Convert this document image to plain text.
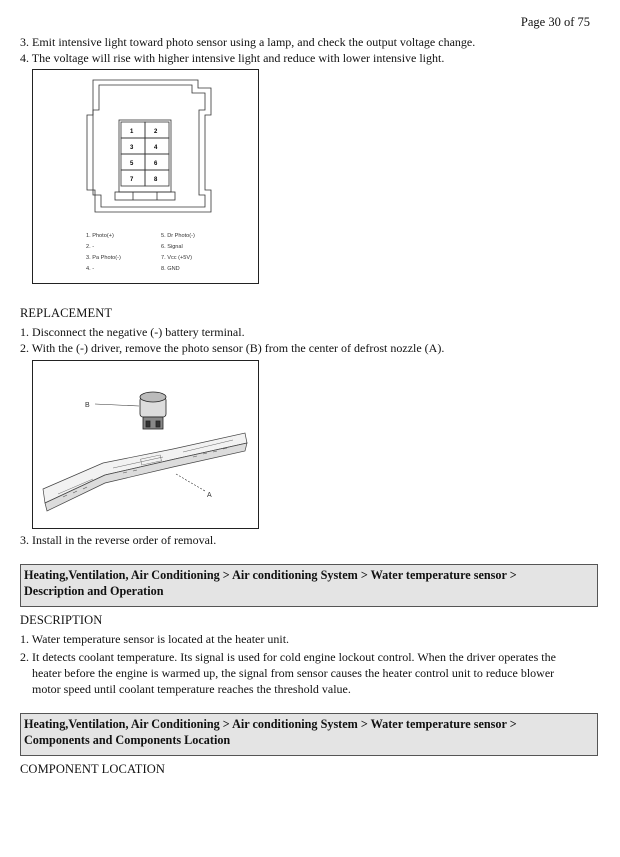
Page 30 of 75
3. Emit intensive light toward photo sensor using a lamp, and check the output voltage change.
4. The voltage will rise with higher intensive light and reduce with lower intensive light.
1	2
3	4
5	6
7	8
1. Photo(+)
2. -
3. Pa Photo(-)
4. -
5. Dr Photo(-)
6. Signal
7. Vcc (+5V)
8. GND
REPLACEMENT
1. Disconnect the negative (-) battery terminal.
2. With the (-) driver, remove the photo sensor (B) from the center of defrost nozzle (A).
B
A
3. Install in the reverse order of removal.
Heating,Ventilation, Air Conditioning > Air conditioning System > Water temperature sensor >
Description and Operation
DESCRIPTION
1. Water temperature sensor is located at the heater unit.
2. It detects coolant temperature. Its signal is used for cold engine lockout control. When the driver operates the
heater before the engine is warmed up, the signal from sensor causes the heater control unit to reduce blower
motor speed until coolant temperature reaches the threshold value.
Heating,Ventilation, Air Conditioning > Air conditioning System > Water temperature sensor >
Components and Components Location
COMPONENT LOCATION
